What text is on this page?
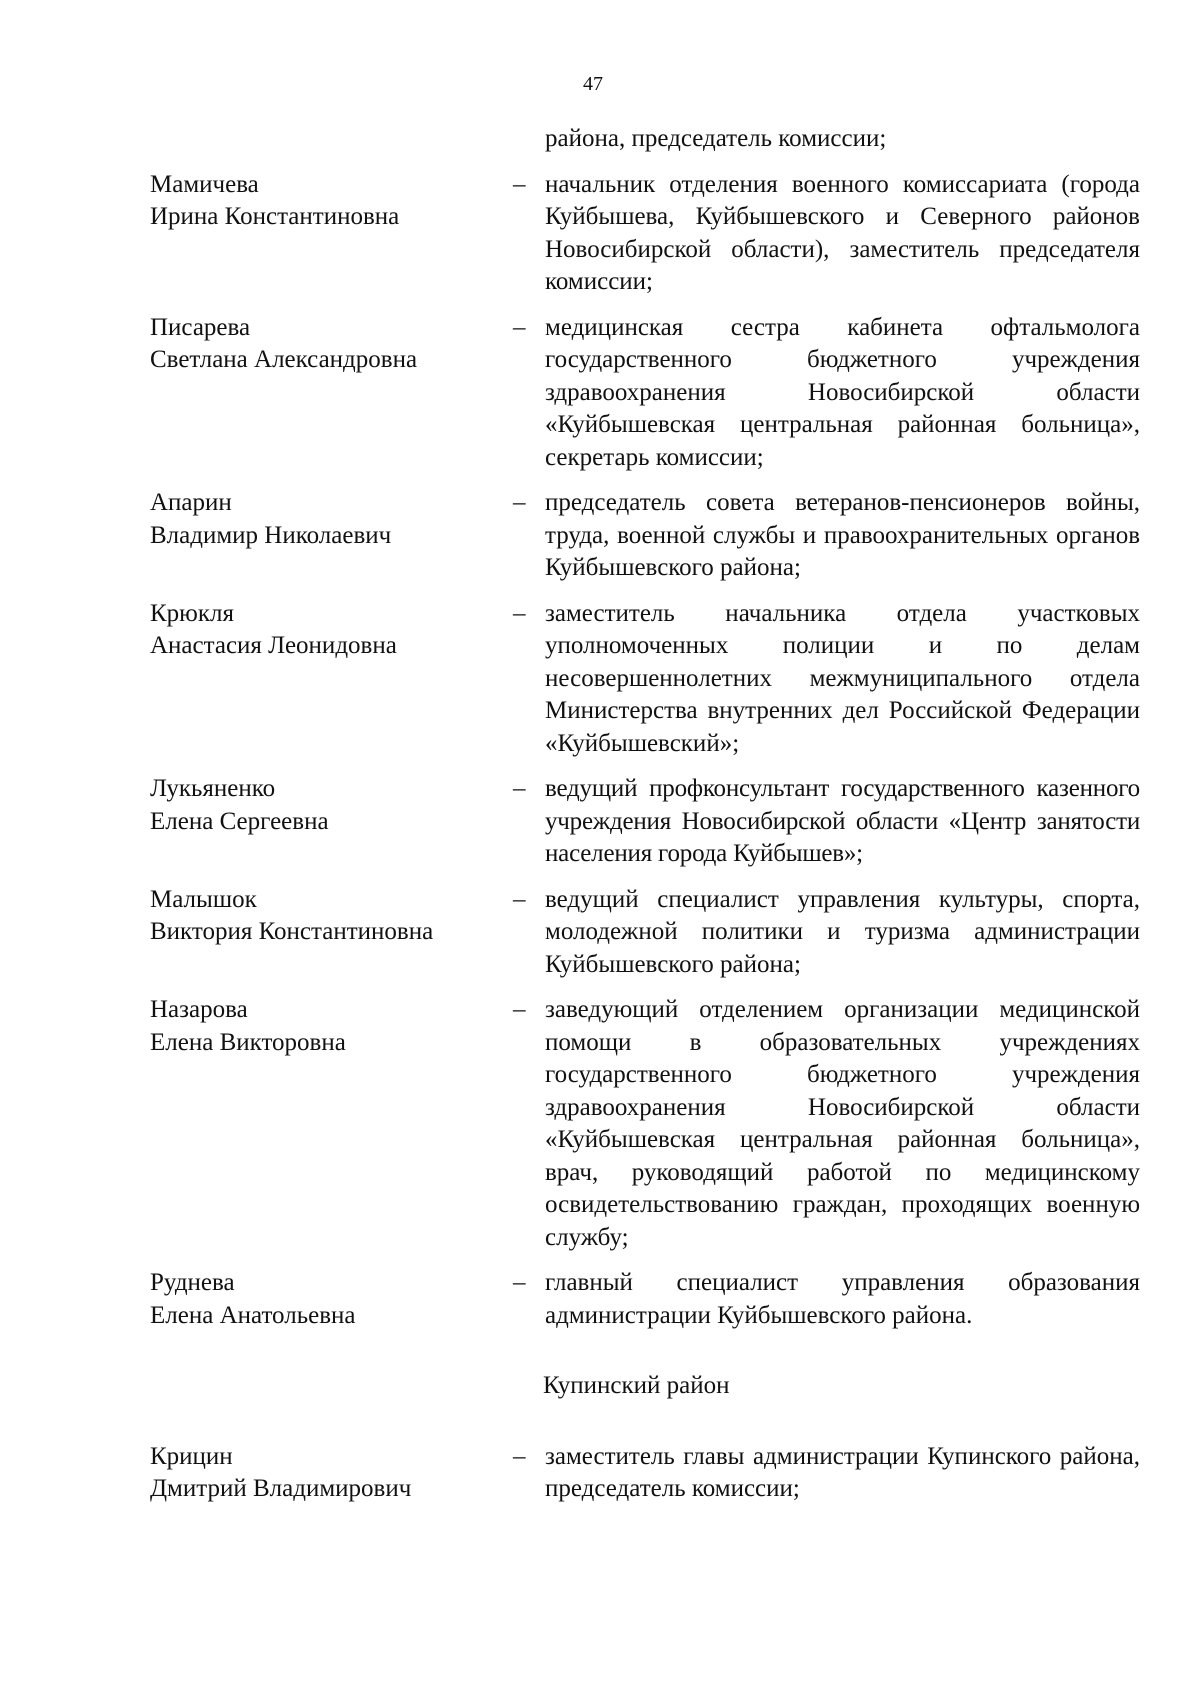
47
района, председатель комиссии;
Мамичева
Ирина Константиновна
– начальник отделения военного комиссариата (города Куйбышева, Куйбышевского и Северного районов Новосибирской области), заместитель председателя комиссии;
Писарева
Светлана Александровна
– медицинская сестра кабинета офтальмолога государственного бюджетного учреждения здравоохранения Новосибирской области «Куйбышевская центральная районная больница», секретарь комиссии;
Апарин
Владимир Николаевич
– председатель совета ветеранов-пенсионеров войны, труда, военной службы и правоохранительных органов Куйбышевского района;
Крюкля
Анастасия Леонидовна
– заместитель начальника отдела участковых уполномоченных полиции и по делам несовершеннолетних межмуниципального отдела Министерства внутренних дел Российской Федерации «Куйбышевский»;
Лукьяненко
Елена Сергеевна
– ведущий профконсультант государственного казенного учреждения Новосибирской области «Центр занятости населения города Куйбышев»;
Малышок
Виктория Константиновна
– ведущий специалист управления культуры, спорта, молодежной политики и туризма администрации Куйбышевского района;
Назарова
Елена Викторовна
– заведующий отделением организации медицинской помощи в образовательных учреждениях государственного бюджетного учреждения здравоохранения Новосибирской области «Куйбышевская центральная районная больница», врач, руководящий работой по медицинскому освидетельствованию граждан, проходящих военную службу;
Руднева
Елена Анатольевна
– главный специалист управления образования администрации Куйбышевского района.
Купинский район
Крицин
Дмитрий Владимирович
– заместитель главы администрации Купинского района, председатель комиссии;
